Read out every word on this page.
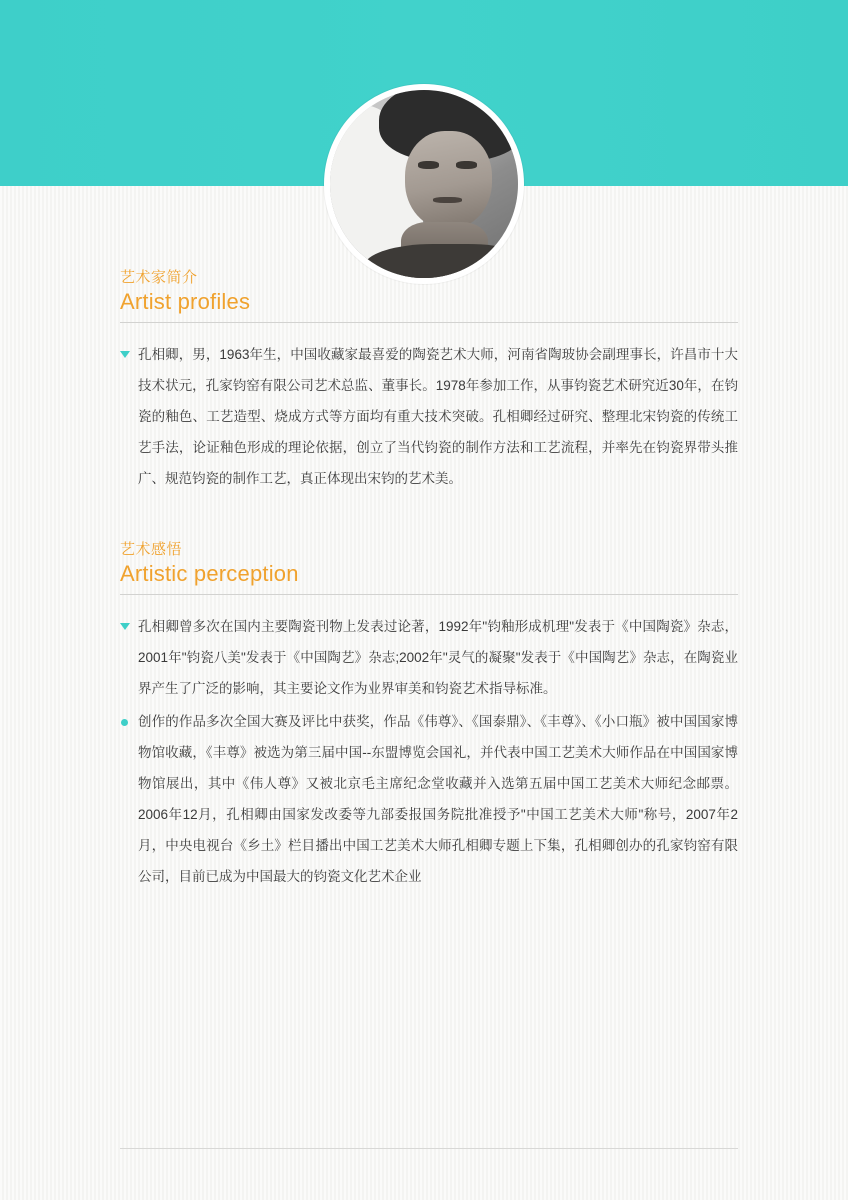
艺术家简介

Artist profiles
孔相卿，男，1963年生，中国收藏家最喜爱的陶瓷艺术大师，河南省陶玻协会副理事长，许昌市十大技术状元，孔家钧窑有限公司艺术总监、董事长。1978年参加工作，从事钧瓷艺术研究近30年，在钧瓷的釉色、工艺造型、烧成方式等方面均有重大技术突破。孔相卿经过研究、整理北宋钧瓷的传统工艺手法，论证釉色形成的理论依据，创立了当代钧瓷的制作方法和工艺流程，并率先在钧瓷界带头推广、规范钧瓷的制作工艺，真正体现出宋钧的艺术美。

艺术感悟

Artistic perception
孔相卿曾多次在国内主要陶瓷刊物上发表过论著，1992年"钧釉形成机理"发表于《中国陶瓷》杂志，2001年"钧瓷八美"发表于《中国陶艺》杂志;2002年"灵气的凝聚"发表于《中国陶艺》杂志，在陶瓷业界产生了广泛的影响，其主要论文作为业界审美和钧瓷艺术指导标准。
创作的作品多次全国大赛及评比中获奖，作品《伟尊》、《国泰鼎》、《丰尊》、《小口瓶》被中国国家博物馆收藏，《丰尊》被选为第三届中国--东盟博览会国礼，并代表中国工艺美术大师作品在中国国家博物馆展出，其中《伟人尊》又被北京毛主席纪念堂收藏并入选第五届中国工艺美术大师纪念邮票。2006年12月，孔相卿由国家发改委等九部委报国务院批准授予"中国工艺美术大师"称号，2007年2月，中央电视台《乡土》栏目播出中国工艺美术大师孔相卿专题上下集，孔相卿创办的孔家钧窑有限公司，目前已成为中国最大的钧瓷文化艺术企业
